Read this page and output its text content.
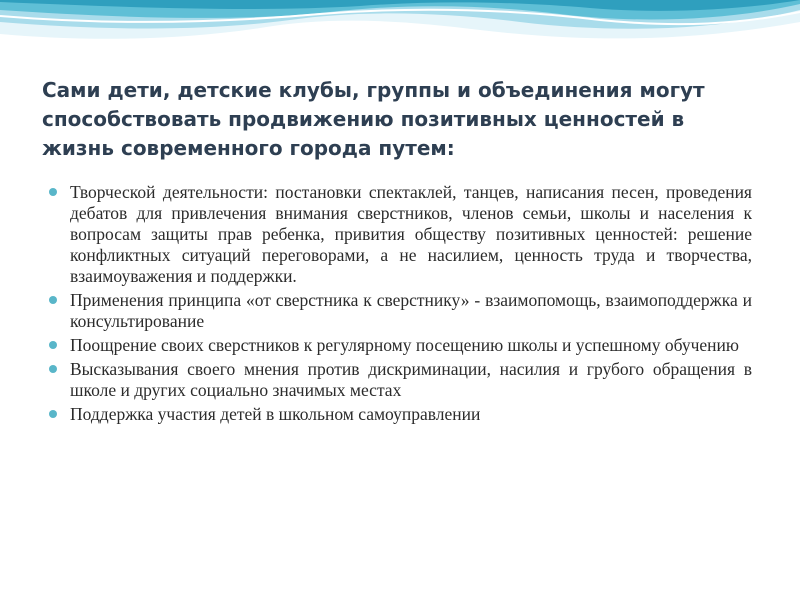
Сами дети, детские клубы, группы и объединения могут способствовать продвижению позитивных ценностей в жизнь современного города путем:
Творческой деятельности: постановки спектаклей, танцев, написания песен, проведения дебатов для привлечения внимания сверстников, членов семьи, школы и населения к вопросам защиты прав ребенка, привития обществу позитивных ценностей: решение конфликтных ситуаций переговорами, а не насилием, ценность труда и творчества, взаимоуважения и поддержки.
Применения принципа «от сверстника к сверстнику» - взаимопомощь, взаимоподдержка и консультирование
Поощрение своих сверстников к регулярному посещению школы и успешному обучению
Высказывания своего мнения против дискриминации, насилия и грубого обращения в школе и других социально значимых местах
Поддержка участия детей в школьном самоуправлении
